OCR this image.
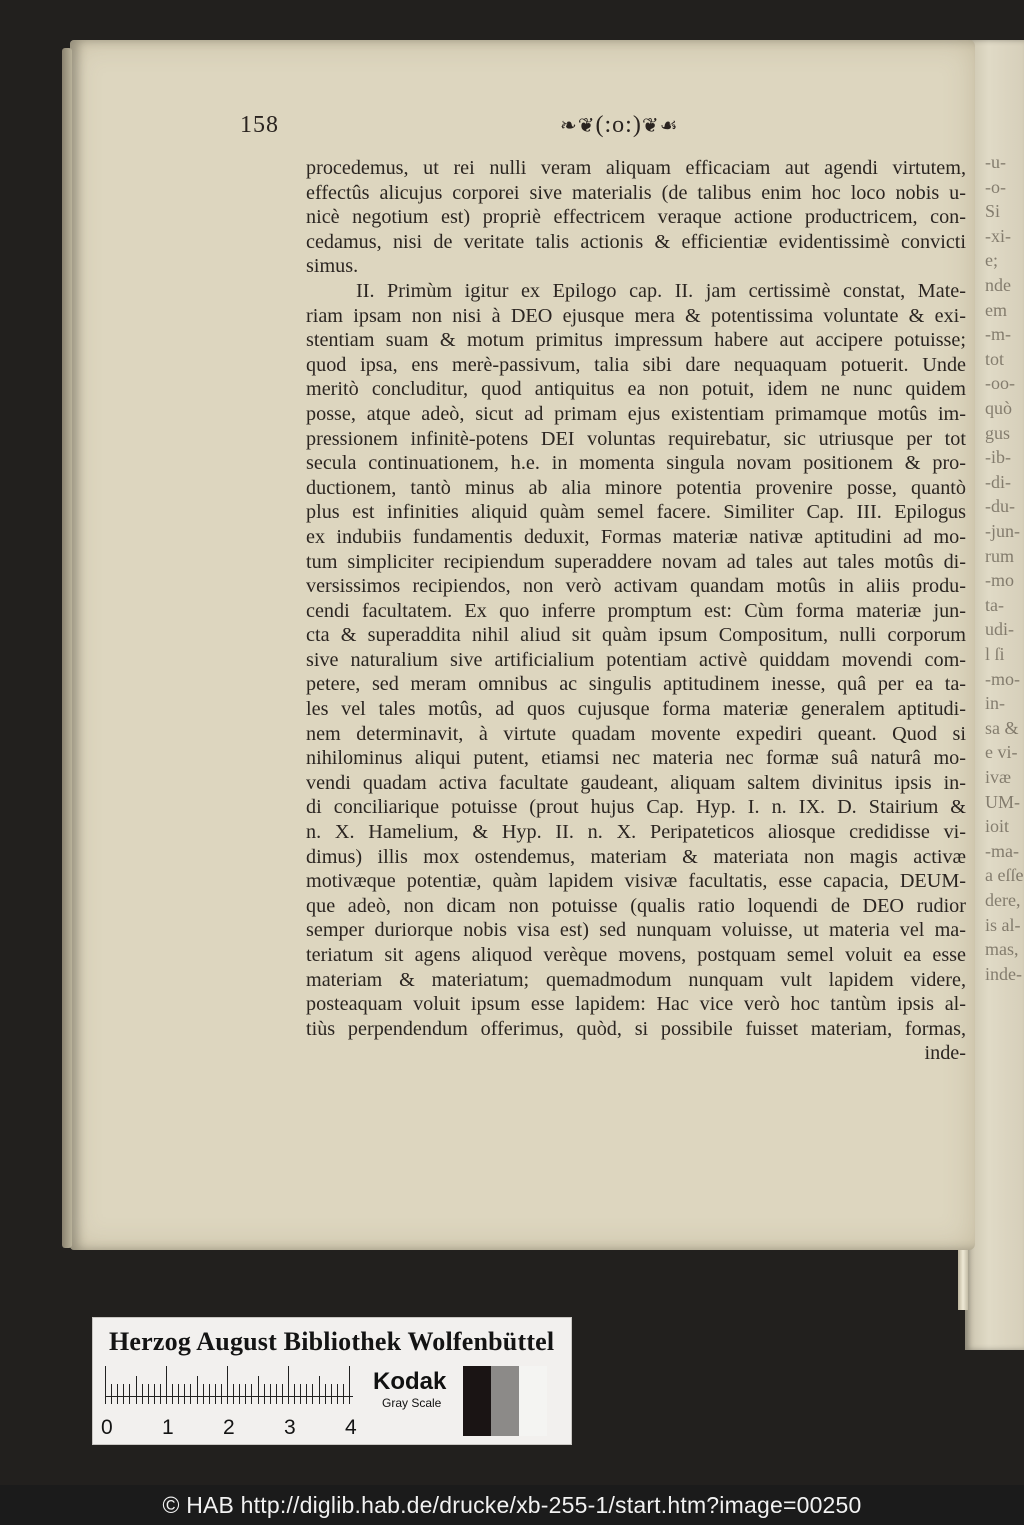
-u-
-o-
Si
-xi-
e;
nde
em
-m-
tot
-oo-
quò
gus
-ib-
-di-
-du-
-jun-
rum
-mo
ta-
udi-
l ſi
-mo-
in-
sa &
e vi-
ivæ
UM-
ioit
-ma-
a eſſe
dere,
is al-
mas,
inde-
158	❧❦(:o:)❦☙
procedemus, ut rei nulli veram aliquam efficaciam aut agendi virtutem,
effectûs alicujus corporei sive materialis (de talibus enim hoc loco nobis u-
nicè negotium est) propriè effectricem veraque actione productricem, con-
cedamus, nisi de veritate talis actionis & efficientiæ evidentissimè convicti
simus.
II. Primùm igitur ex Epilogo cap. II. jam certissimè constat, Mate-
riam ipsam non nisi à DEO ejusque mera & potentissima voluntate & exi-
stentiam suam & motum primitus impressum habere aut accipere potuisse;
quod ipsa, ens merè-passivum, talia sibi dare nequaquam potuerit. Unde
meritò concluditur, quod antiquitus ea non potuit, idem ne nunc quidem
posse, atque adeò, sicut ad primam ejus existentiam primamque motûs im-
pressionem infinitè-potens DEI voluntas requirebatur, sic utriusque per tot
secula continuationem, h.e. in momenta singula novam positionem & pro-
ductionem, tantò minus ab alia minore potentia provenire posse, quantò
plus est infinities aliquid quàm semel facere. Similiter Cap. III. Epilogus
ex indubiis fundamentis deduxit, Formas materiæ nativæ aptitudini ad mo-
tum simpliciter recipiendum superaddere novam ad tales aut tales motûs di-
versissimos recipiendos, non verò activam quandam motûs in aliis produ-
cendi facultatem. Ex quo inferre promptum est: Cùm forma materiæ jun-
cta & superaddita nihil aliud sit quàm ipsum Compositum, nulli corporum
sive naturalium sive artificialium potentiam activè quiddam movendi com-
petere, sed meram omnibus ac singulis aptitudinem inesse, quâ per ea ta-
les vel tales motûs, ad quos cujusque forma materiæ generalem aptitudi-
nem determinavit, à virtute quadam movente expediri queant. Quod si
nihilominus aliqui putent, etiamsi nec materia nec formæ suâ naturâ mo-
vendi quadam activa facultate gaudeant, aliquam saltem divinitus ipsis in-
di conciliarique potuisse (prout hujus Cap. Hyp. I. n. IX. D. Stairium &
n. X. Hamelium, & Hyp. II. n. X. Peripateticos aliosque credidisse vi-
dimus) illis mox ostendemus, materiam & materiata non magis activæ
motivæque potentiæ, quàm lapidem visivæ facultatis, esse capacia, DEUM-
que adeò, non dicam non potuisse (qualis ratio loquendi de DEO rudior
semper duriorque nobis visa est) sed nunquam voluisse, ut materia vel ma-
teriatum sit agens aliquod verèque movens, postquam semel voluit ea esse
materiam & materiatum; quemadmodum nunquam vult lapidem videre,
posteaquam voluit ipsum esse lapidem: Hac vice verò hoc tantùm ipsis al-
tiùs perpendendum offerimus, quòd, si possibile fuisset materiam, formas,
inde-
Herzog August Bibliothek Wolfenbüttel
0 1 2 3 4
Kodak
Gray Scale
© HAB http://diglib.hab.de/drucke/xb-255-1/start.htm?image=00250
